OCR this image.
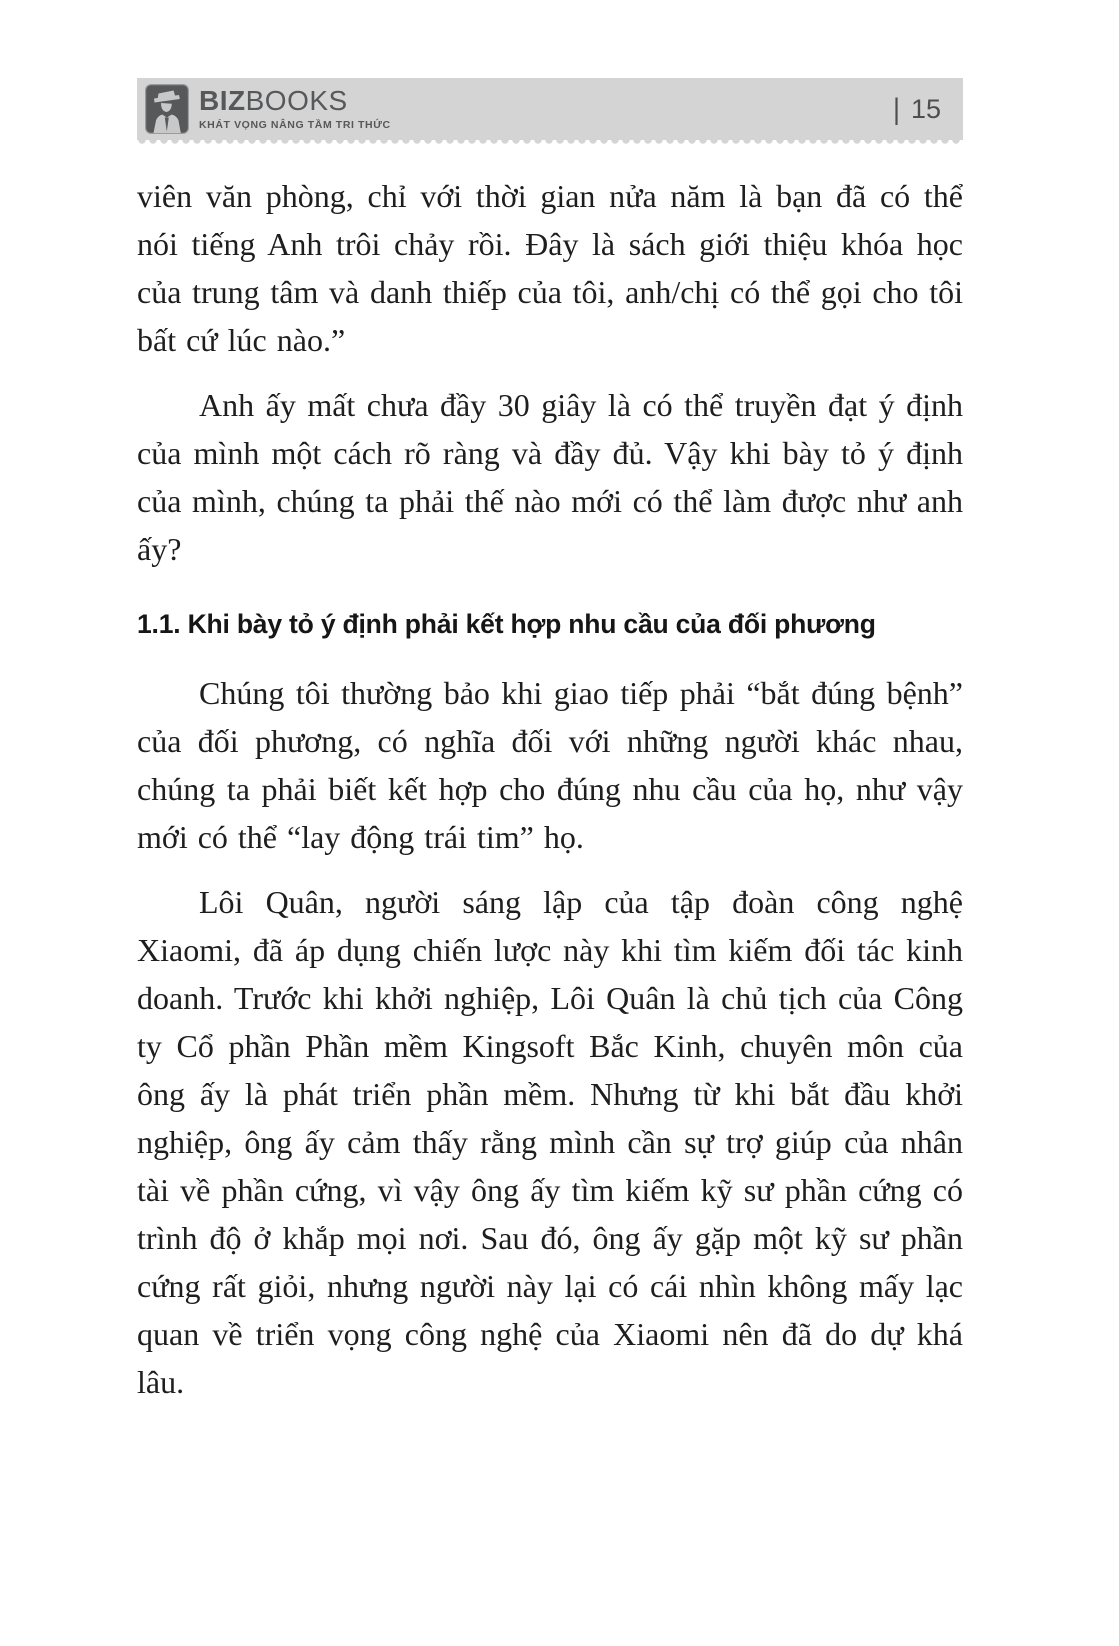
BIZBOOKS
KHÁT VỌNG NÂNG TẦM TRI THỨC
| 15

viên văn phòng, chỉ với thời gian nửa năm là bạn đã có thể nói tiếng Anh trôi chảy rồi. Đây là sách giới thiệu khóa học của trung tâm và danh thiếp của tôi, anh/chị có thể gọi cho tôi bất cứ lúc nào.”

Anh ấy mất chưa đầy 30 giây là có thể truyền đạt ý định của mình một cách rõ ràng và đầy đủ. Vậy khi bày tỏ ý định của mình, chúng ta phải thế nào mới có thể làm được như anh ấy?

1.1. Khi bày tỏ ý định phải kết hợp nhu cầu của đối phương

Chúng tôi thường bảo khi giao tiếp phải “bắt đúng bệnh” của đối phương, có nghĩa đối với những người khác nhau, chúng ta phải biết kết hợp cho đúng nhu cầu của họ, như vậy mới có thể “lay động trái tim” họ.

Lôi Quân, người sáng lập của tập đoàn công nghệ Xiaomi, đã áp dụng chiến lược này khi tìm kiếm đối tác kinh doanh. Trước khi khởi nghiệp, Lôi Quân là chủ tịch của Công ty Cổ phần Phần mềm Kingsoft Bắc Kinh, chuyên môn của ông ấy là phát triển phần mềm. Nhưng từ khi bắt đầu khởi nghiệp, ông ấy cảm thấy rằng mình cần sự trợ giúp của nhân tài về phần cứng, vì vậy ông ấy tìm kiếm kỹ sư phần cứng có trình độ ở khắp mọi nơi. Sau đó, ông ấy gặp một kỹ sư phần cứng rất giỏi, nhưng người này lại có cái nhìn không mấy lạc quan về triển vọng công nghệ của Xiaomi nên đã do dự khá lâu.
